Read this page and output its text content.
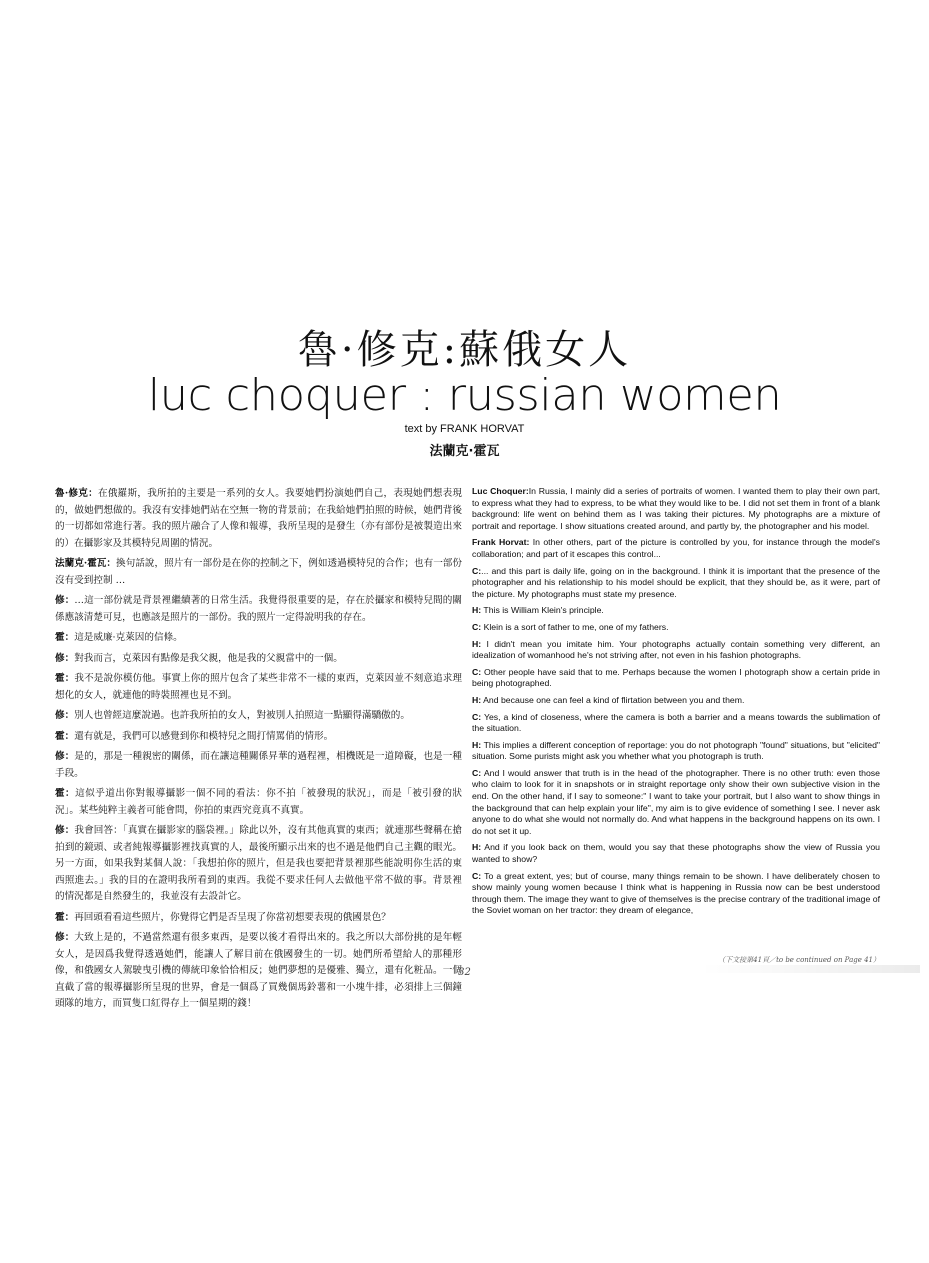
魯·修克:蘇俄女人
luc choquer : russian women
text by FRANK HORVAT
法蘭克·霍瓦

魯·修克：在俄羅斯，我所拍的主要是一系列的女人。我要她們扮演她們自己，表現她們想表現的，做她們想做的。我沒有安排她們站在空無一物的背景前；在我給她們拍照的時候，她們背後的一切都如常進行著。我的照片融合了人像和報導，我所呈現的是發生（亦有部份是被製造出來的）在攝影家及其模特兒周圍的情況。

法蘭克·霍瓦：換句話說，照片有一部份是在你的控制之下，例如透過模特兒的合作；也有一部份沒有受到控制 …

修：…這一部份就是背景裡繼續著的日常生活。我覺得很重要的是，存在於攝家和模特兒間的關係應該清楚可見，也應該是照片的一部份。我的照片一定得說明我的存在。

霍：這是威廉·克萊因的信條。

修：對我而言，克萊因有點像是我父親，他是我的父親當中的一個。

霍：我不是說你模仿他。事實上你的照片包含了某些非常不一樣的東西，克萊因並不刻意追求理想化的女人，就連他的時裝照裡也見不到。

修：別人也曾經這麼說過。也許我所拍的女人，對被別人拍照這一點顯得滿驕傲的。

霍：還有就是，我們可以感覺到你和模特兒之間打情罵俏的情形。

修：是的，那是一種親密的關係，而在讓這種關係昇華的過程裡，相機既是一道障礙，也是一種手段。

霍：這似乎道出你對報導攝影一個不同的看法：你不拍「被發現的狀況」，而是「被引發的狀況」。某些純粹主義者可能會問，你拍的東西究竟真不真實。

修：我會回答：「真實在攝影家的腦袋裡。」除此以外，沒有其他真實的東西；就連那些聲稱在搶拍到的鏡頭、或者純報導攝影裡找真實的人，最後所顯示出來的也不過是他們自己主觀的眼光。另一方面，如果我對某個人說：「我想拍你的照片，但是我也要把背景裡那些能說明你生活的東西照進去。」我的目的在證明我所看到的東西。我從不要求任何人去做他平常不做的事。背景裡的情況都是自然發生的，我並沒有去設計它。

霍：再回頭看看這些照片，你覺得它們是否呈現了你當初想要表現的俄國景色？

修：大致上是的，不過當然還有很多東西，是要以後才看得出來的。我之所以大部份挑的是年輕女人，是因爲我覺得透過她們，能讓人了解目前在俄國發生的一切。她們所希望給人的那種形像，和俄國女人駕駛曳引機的傳統印象恰恰相反；她們夢想的是優雅、獨立，還有化粧品。一個直截了當的報導攝影所呈現的世界，會是一個爲了買幾個馬鈴薯和一小塊牛排，必須排上三個鐘頭隊的地方，而買隻口紅得存上一個星期的錢！

Luc Choquer:In Russia, I mainly did a series of portraits of women. I wanted them to play their own part, to express what they had to express, to be what they would like to be. I did not set them in front of a blank background: life went on behind them as I was taking their pictures. My photographs are a mixture of portrait and reportage. I show situations created around, and partly by, the photographer and his model.

Frank Horvat: In other others, part of the picture is controlled by you, for instance through the model's collaboration; and part of it escapes this control...

C:... and this part is daily life, going on in the background. I think it is important that the presence of the photographer and his relationship to his model should be explicit, that they should be, as it were, part of the picture. My photographs must state my presence.

H: This is William Klein's principle.

C: Klein is a sort of father to me, one of my fathers.

H: I didn't mean you imitate him. Your photographs actually contain something very different, an idealization of womanhood he's not striving after, not even in his fashion photographs.

C: Other people have said that to me. Perhaps because the women I photograph show a certain pride in being photographed.

H: And because one can feel a kind of flirtation between you and them.

C: Yes, a kind of closeness, where the camera is both a barrier and a means towards the sublimation of the situation.

H: This implies a different conception of reportage: you do not photograph "found" situations, but "elicited" situation. Some purists might ask you whether what you photograph is truth.

C: And I would answer that truth is in the head of the photographer. There is no other truth: even those who claim to look for it in snapshots or in straight reportage only show their own subjective vision in the end. On the other hand, if I say to someone:" I want to take your portrait, but I also want to show things in the background that can help explain your life", my aim is to give evidence of something I see. I never ask anyone to do what she would not normally do. And what happens in the background happens on its own. I do not set it up.

H: And if you look back on them, would you say that these photographs show the view of Russia you wanted to show?

C: To a great extent, yes; but of course, many things remain to be shown. I have deliberately chosen to show mainly young women because I think what is happening in Russia now can be best understood through them. The image they want to give of themselves is the precise contrary of the traditional image of the Soviet woman on her tractor: they dream of elegance,

（下文接第41頁／to be continued on Page 41）
32
